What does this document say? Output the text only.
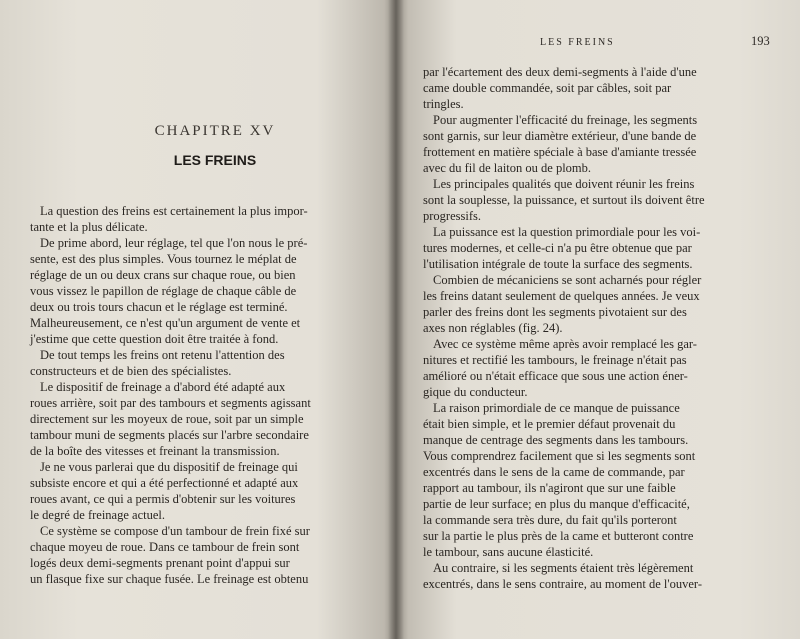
CHAPITRE XV
LES FREINS
La question des freins est certainement la plus impor-
tante et la plus délicate.
De prime abord, leur réglage, tel que l'on nous le pré-
sente, est des plus simples. Vous tournez le méplat de
réglage de un ou deux crans sur chaque roue, ou bien
vous vissez le papillon de réglage de chaque câble de
deux ou trois tours chacun et le réglage est terminé.
Malheureusement, ce n'est qu'un argument de vente et
j'estime que cette question doit être traitée à fond.
De tout temps les freins ont retenu l'attention des
constructeurs et de bien des spécialistes.
Le dispositif de freinage a d'abord été adapté aux
roues arrière, soit par des tambours et segments agissant
directement sur les moyeux de roue, soit par un simple
tambour muni de segments placés sur l'arbre secondaire
de la boîte des vitesses et freinant la transmission.
Je ne vous parlerai que du dispositif de freinage qui
subsiste encore et qui a été perfectionné et adapté aux
roues avant, ce qui a permis d'obtenir sur les voitures
le degré de freinage actuel.
Ce système se compose d'un tambour de frein fixé sur
chaque moyeu de roue. Dans ce tambour de frein sont
logés deux demi-segments prenant point d'appui sur
un flasque fixe sur chaque fusée. Le freinage est obtenu
LES FREINS	193
par l'écartement des deux demi-segments à l'aide d'une
came double commandée, soit par câbles, soit par
tringles.
Pour augmenter l'efficacité du freinage, les segments
sont garnis, sur leur diamètre extérieur, d'une bande de
frottement en matière spéciale à base d'amiante tressée
avec du fil de laiton ou de plomb.
Les principales qualités que doivent réunir les freins
sont la souplesse, la puissance, et surtout ils doivent être
progressifs.
La puissance est la question primordiale pour les voi-
tures modernes, et celle-ci n'a pu être obtenue que par
l'utilisation intégrale de toute la surface des segments.
Combien de mécaniciens se sont acharnés pour régler
les freins datant seulement de quelques années. Je veux
parler des freins dont les segments pivotaient sur des
axes non réglables (fig. 24).
Avec ce système même après avoir remplacé les gar-
nitures et rectifié les tambours, le freinage n'était pas
amélioré ou n'était efficace que sous une action éner-
gique du conducteur.
La raison primordiale de ce manque de puissance
était bien simple, et le premier défaut provenait du
manque de centrage des segments dans les tambours.
Vous comprendrez facilement que si les segments sont
excentrés dans le sens de la came de commande, par
rapport au tambour, ils n'agiront que sur une faible
partie de leur surface; en plus du manque d'efficacité,
la commande sera très dure, du fait qu'ils porteront
sur la partie le plus près de la came et butteront contre
le tambour, sans aucune élasticité.
Au contraire, si les segments étaient très légèrement
excentrés, dans le sens contraire, au moment de l'ouver-
